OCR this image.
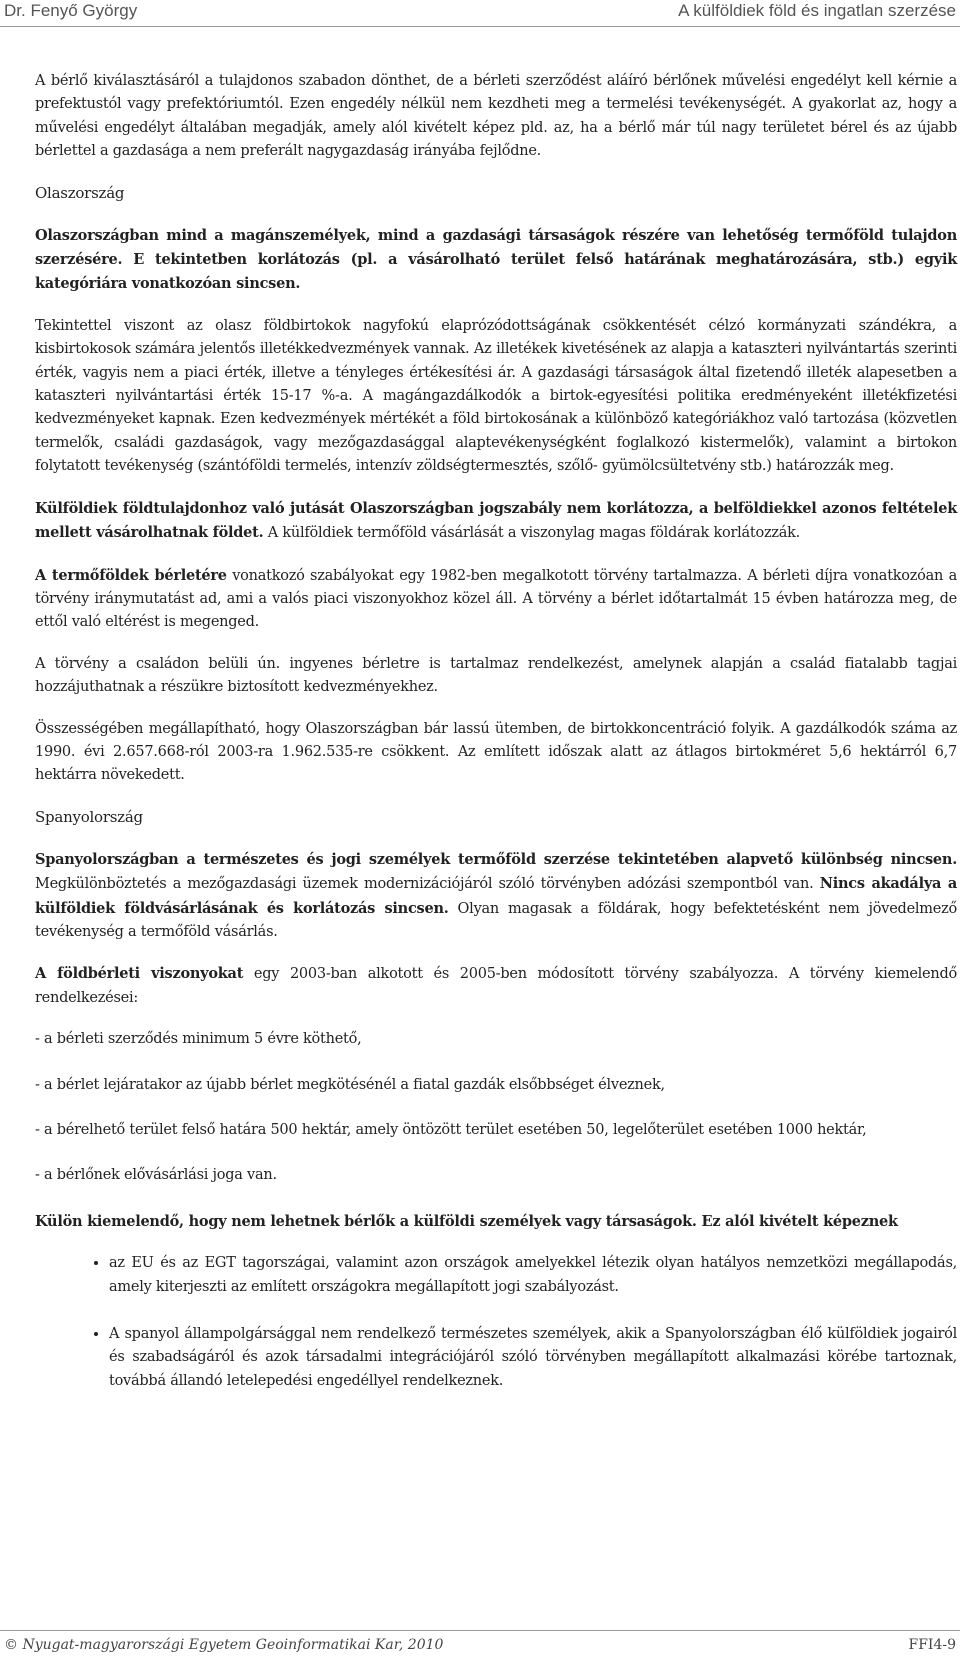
Dr. Fenyő György	A külföldiek föld és ingatlan szerzése

A bérlő kiválasztásáról a tulajdonos szabadon dönthet, de a bérleti szerződést aláíró bérlőnek művelési engedélyt kell kérnie a prefektustól vagy prefektóriumtól. Ezen engedély nélkül nem kezdheti meg a termelési tevékenységét. A gyakorlat az, hogy a művelési engedélyt általában megadják, amely alól kivételt képez pld. az, ha a bérlő már túl nagy területet bérel és az újabb bérlettel a gazdasága a nem preferált nagygazdaság irányába fejlődne.

Olaszország

Olaszországban mind a magánszemélyek, mind a gazdasági társaságok részére van lehetőség termőföld tulajdon szerzésére. E tekintetben korlátozás (pl. a vásárolható terület felső határának meghatározására, stb.) egyik kategóriára vonatkozóan sincsen.

Tekintettel viszont az olasz földbirtokok nagyfokú elaprózódottságának csökkentését célzó kormányzati szándékra, a kisbirtokosok számára jelentős illetékkedvezmények vannak. Az illetékek kivetésének az alapja a kataszteri nyilvántartás szerinti érték, vagyis nem a piaci érték, illetve a tényleges értékesítési ár. A gazdasági társaságok által fizetendő illeték alapesetben a kataszteri nyilvántartási érték 15-17 %-a. A magángazdálkodók a birtok-egyesítési politika eredményeként illetékfizetési kedvezményeket kapnak. Ezen kedvezmények mértékét a föld birtokosának a különböző kategóriákhoz való tartozása (közvetlen termelők, családi gazdaságok, vagy mezőgazdasággal alaptevékenységként foglalkozó kistermelők), valamint a birtokon folytatott tevékenység (szántóföldi termelés, intenzív zöldségtermesztés, szőlő- gyümölcsültetvény stb.) határozzák meg.

Külföldiek földtulajdonhoz való jutását Olaszországban jogszabály nem korlátozza, a belföldiekkel azonos feltételek mellett vásárolhatnak földet. A külföldiek termőföld vásárlását a viszonylag magas földárak korlátozzák.

A termőföldek bérletére vonatkozó szabályokat egy 1982-ben megalkotott törvény tartalmazza. A bérleti díjra vonatkozóan a törvény iránymutatást ad, ami a valós piaci viszonyokhoz közel áll. A törvény a bérlet időtartalmát 15 évben határozza meg, de ettől való eltérést is megenged.

A törvény a családon belüli ún. ingyenes bérletre is tartalmaz rendelkezést, amelynek alapján a család fiatalabb tagjai hozzájuthatnak a részükre biztosított kedvezményekhez.

Összességében megállapítható, hogy Olaszországban bár lassú ütemben, de birtokkoncentráció folyik. A gazdálkodók száma az 1990. évi 2.657.668-ról 2003-ra 1.962.535-re csökkent. Az említett időszak alatt az átlagos birtokméret 5,6 hektárról 6,7 hektárra növekedett.

Spanyolország

Spanyolországban a természetes és jogi személyek termőföld szerzése tekintetében alapvető különbség nincsen. Megkülönböztetés a mezőgazdasági üzemek modernizációjáról szóló törvényben adózási szempontból van. Nincs akadálya a külföldiek földvásárlásának és korlátozás sincsen. Olyan magasak a földárak, hogy befektetésként nem jövedelmező tevékenység a termőföld vásárlás.

A földbérleti viszonyokat egy 2003-ban alkotott és 2005-ben módosított törvény szabályozza. A törvény kiemelendő rendelkezései:

- a bérleti szerződés minimum 5 évre köthető,

- a bérlet lejáratakor az újabb bérlet megkötésénél a fiatal gazdák elsőbbséget élveznek,

- a bérelhető terület felső határa 500 hektár, amely öntözött terület esetében 50, legelőterület esetében 1000 hektár,

- a bérlőnek elővásárlási joga van.

Külön kiemelendő, hogy nem lehetnek bérlők a külföldi személyek vagy társaságok. Ez alól kivételt képeznek

• az EU és az EGT tagországai, valamint azon országok amelyekkel létezik olyan hatályos nemzetközi megállapodás, amely kiterjeszti az említett országokra megállapított jogi szabályozást.
• A spanyol állampolgársággal nem rendelkező természetes személyek, akik a Spanyolországban élő külföldiek jogairól és szabadságáról és azok társadalmi integrációjáról szóló törvényben megállapított alkalmazási körébe tartoznak, továbbá állandó letelepedési engedéllyel rendelkeznek.
© Nyugat-magyarországi Egyetem Geoinformatikai Kar, 2010	FFI4-9
